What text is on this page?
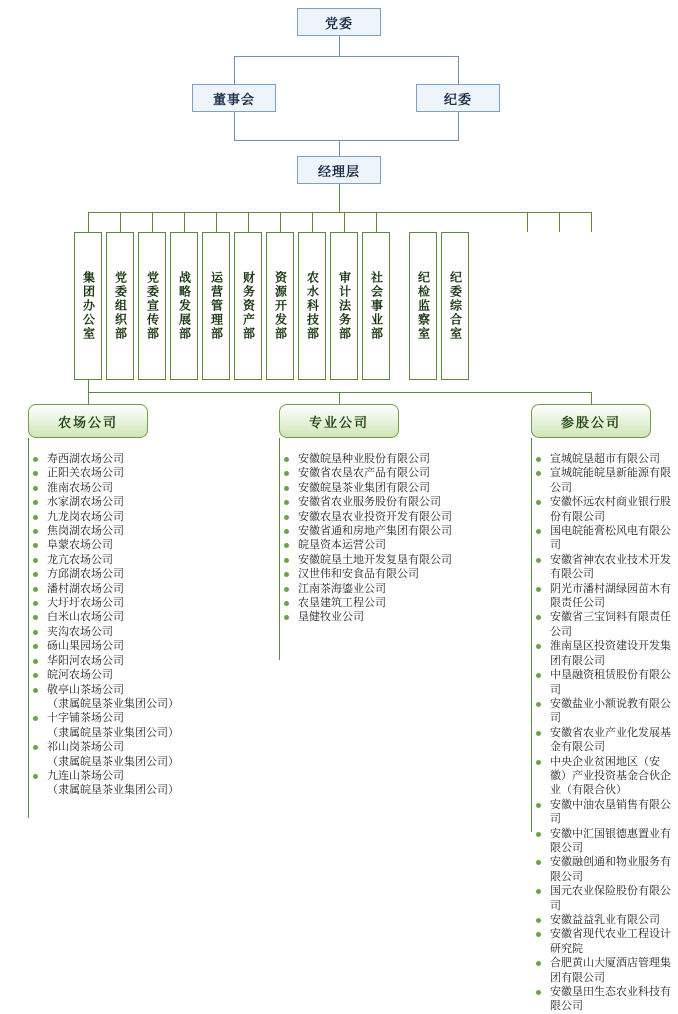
党委
董事会	纪委
经理层
集团办公室 党委组织部 党委宣传部 战略发展部 运营管理部 财务资产部 资源开发部 农水科技部 审计法务部 社会事业部	纪检监察室 纪委综合室
农场公司	专业公司	参股公司
寿西湖农场公司
正阳关农场公司
淮南农场公司
水家湖农场公司
九龙岗农场公司
焦岗湖农场公司
阜蒙农场公司
龙亢农场公司
方邱湖农场公司
潘村湖农场公司
大圩圩农场公司
白米山农场公司
夹沟农场公司
砀山果园场公司
华阳河农场公司
皖河农场公司
敬亭山茶场公司
（隶属皖垦茶业集团公司）
十字铺茶场公司
（隶属皖垦茶业集团公司）
祁山岗茶场公司
（隶属皖垦茶业集团公司）
九连山茶场公司
（隶属皖垦茶业集团公司）
安徽皖垦种业股份有限公司
安徽省农垦农产品有限公司
安徽皖垦茶业集团有限公司
安徽省农业服务股份有限公司
安徽农垦农业投资开发有限公司
安徽省通和房地产集团有限公司
皖垦资本运营公司
安徽皖垦土地开发复垦有限公司
汉世伟和安食品有限公司
江南茶海鎏业公司
农垦建筑工程公司
垦健牧业公司
宣城皖垦超市有限公司
宣城皖能皖垦新能源有限公司
安徽怀远农村商业银行股份有限公司
国电皖能膏松风电有限公司
安徽省神农农业技术开发有限公司
阴光市潘村湖绿园苗木有限责任公司
安徽省三宝饲料有限责任公司
淮南垦区投资建设开发集团有限公司
中垦融资租赁股份有限公司
安徽盐业小额说教有限公司
安徽省农业产业化发展基金有限公司
中央企业贫困地区（安徽）产业投资基金合伙企业（有限合伙）
安徽中油农垦销售有限公司
安徽中汇国银德惠置业有限公司
安徽融创通和物业服务有限公司
国元农业保险股份有限公司
安徽益益乳业有限公司
安徽省现代农业工程设计研究院
合肥黄山大厦酒店管理集团有限公司
安徽垦田生态农业科技有限公司
